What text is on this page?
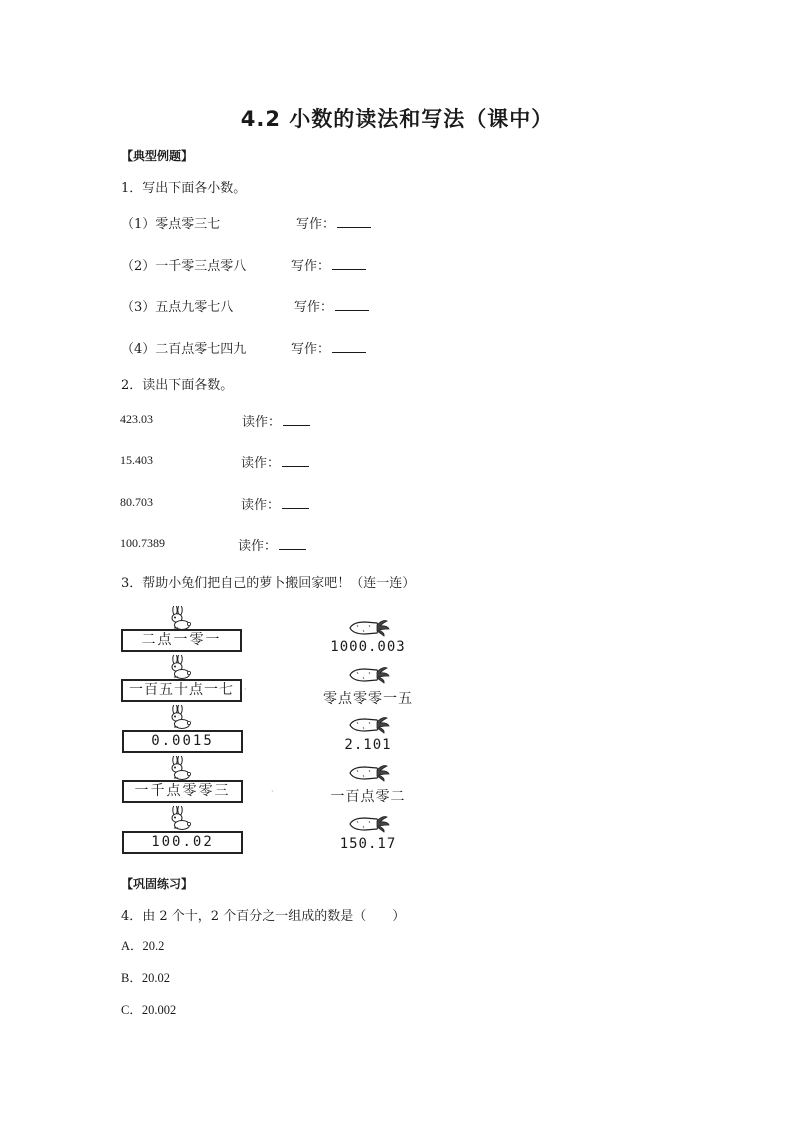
4.2 小数的读法和写法（课中）
【典型例题】
1．写出下面各小数。
（1）零点零三七	写作：
（2）一千零三点零八	写作：
（3）五点九零七八	写作：
（4）二百点零七四九	写作：
2．读出下面各数。
423.03	读作：
15.403	读作：
80.703	读作：
100.7389	读作：
3．帮助小兔们把自己的萝卜搬回家吧！（连一连）
二点一零一
一百五十点一七	·
0.0015
一千点零零三	·
100.02
1000.003
零点零零一五
2.101
一百点零二
150.17
【巩固练习】
4．由 2 个十，2 个百分之一组成的数是（　　）
A．20.2
B．20.02
C．20.002
